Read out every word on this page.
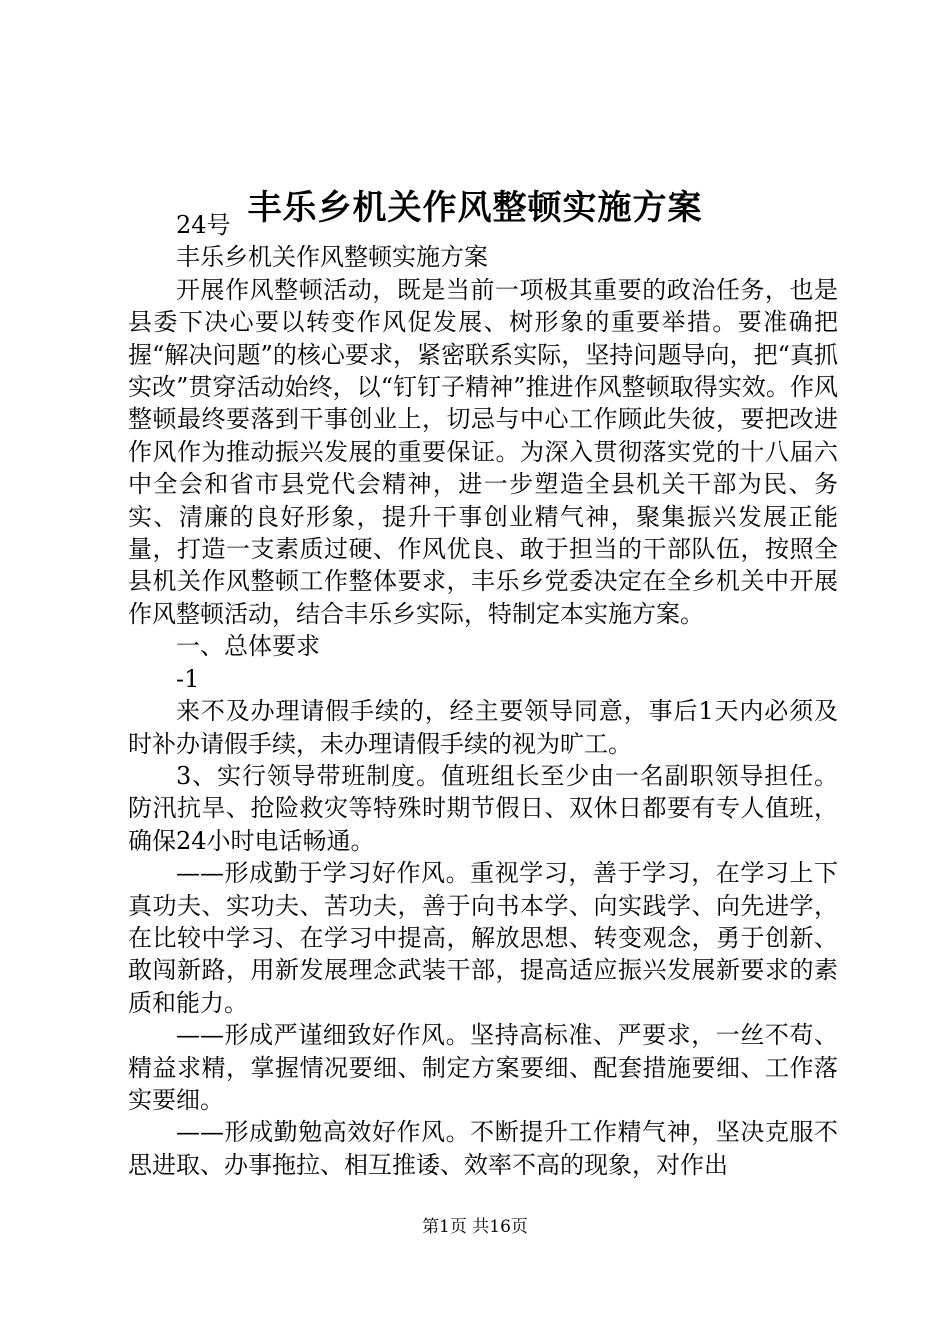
丰乐乡机关作风整顿实施方案

24号

丰乐乡机关作风整顿实施方案

开展作风整顿活动，既是当前一项极其重要的政治任务，也是县委下决心要以转变作风促发展、树形象的重要举措。要准确把握“解决问题”的核心要求，紧密联系实际，坚持问题导向，把“真抓实改”贯穿活动始终，以“钉钉子精神”推进作风整顿取得实效。作风整顿最终要落到干事创业上，切忌与中心工作顾此失彼，要把改进作风作为推动振兴发展的重要保证。为深入贯彻落实党的十八届六中全会和省市县党代会精神，进一步塑造全县机关干部为民、务实、清廉的良好形象，提升干事创业精气神，聚集振兴发展正能量，打造一支素质过硬、作风优良、敢于担当的干部队伍，按照全县机关作风整顿工作整体要求，丰乐乡党委决定在全乡机关中开展作风整顿活动，结合丰乐乡实际，特制定本实施方案。

一、总体要求

-1

来不及办理请假手续的，经主要领导同意，事后1天内必须及时补办请假手续，未办理请假手续的视为旷工。

3、实行领导带班制度。值班组长至少由一名副职领导担任。防汛抗旱、抢险救灾等特殊时期节假日、双休日都要有专人值班，确保24小时电话畅通。

——形成勤于学习好作风。重视学习，善于学习，在学习上下真功夫、实功夫、苦功夫，善于向书本学、向实践学、向先进学，在比较中学习、在学习中提高，解放思想、转变观念，勇于创新、敢闯新路，用新发展理念武装干部，提高适应振兴发展新要求的素质和能力。

——形成严谨细致好作风。坚持高标准、严要求，一丝不苟、精益求精，掌握情况要细、制定方案要细、配套措施要细、工作落实要细。

——形成勤勉高效好作风。不断提升工作精气神，坚决克服不思进取、办事拖拉、相互推诿、效率不高的现象，对作出

第1页 共16页
